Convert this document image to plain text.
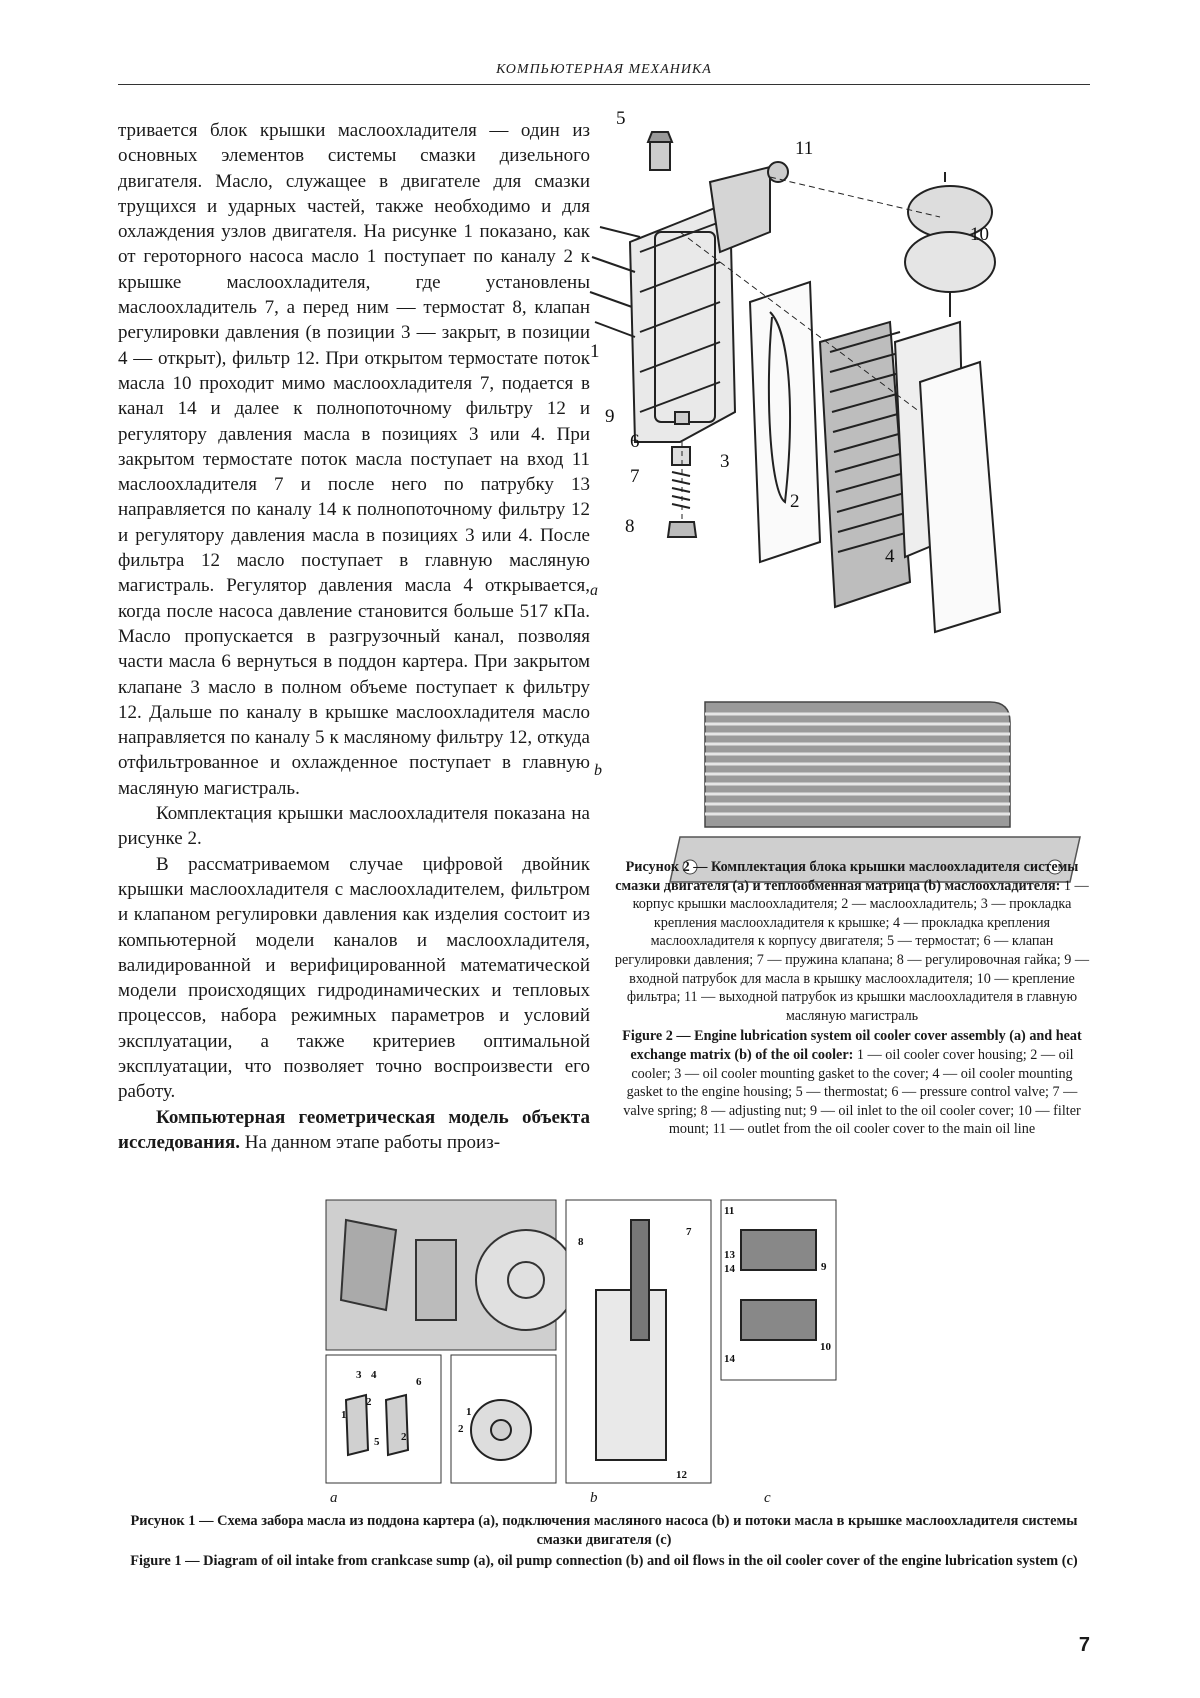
КОМПЬЮТЕРНАЯ МЕХАНИКА

тривается блок крышки маслоохладителя — один из основных элементов системы смазки дизельного двигателя. Масло, служащее в двигателе для смазки трущихся и ударных частей, также необходимо и для охлаждения узлов двигателя. На рисунке 1 показано, как от героторного насоса масло 1 поступает по каналу 2 к крышке маслоохладителя, где установлены маслоохладитель 7, а перед ним — термостат 8, клапан регулировки давления (в позиции 3 — закрыт, в позиции 4 — открыт), фильтр 12. При открытом термостате поток масла 10 проходит мимо маслоохладителя 7, подается в канал 14 и далее к полнопоточному фильтру 12 и регулятору давления масла в позициях 3 или 4. При закрытом термостате поток масла поступает на вход 11 маслоохладителя 7 и после него по патрубку 13 направляется по каналу 14 к полнопоточному фильтру 12 и регулятору давления масла в позициях 3 или 4. После фильтра 12 масло поступает в главную масляную магистраль. Регулятор давления масла 4 открывается, когда после насоса давление становится больше 517 кПа. Масло пропускается в разгрузочный канал, позволяя части масла 6 вернуться в поддон картера. При закрытом клапане 3 масло в полном объеме поступает к фильтру 12. Дальше по каналу в крышке маслоохладителя масло направляется по каналу 5 к масляному фильтру 12, откуда отфильтрованное и охлажденное поступает в главную масляную магистраль.

Комплектация крышки маслоохладителя показана на рисунке 2.

В рассматриваемом случае цифровой двойник крышки маслоохладителя с маслоохладителем, фильтром и клапаном регулировки давления как изделия состоит из компьютерной модели каналов и маслоохладителя, валидированной и верифицированной математической модели происходящих гидродинамических и тепловых процессов, набора режимных параметров и условий эксплуатации, а также критериев оптимальной эксплуатации, что позволяет точно воспроизвести его работу.

Компьютерная геометрическая модель объекта исследования. На данном этапе работы произ-

5
11
10
1
9
6
7
8
3
2
4
a
b
Рисунок 2 — Комплектация блока крышки маслоохладителя системы смазки двигателя (a) и теплообменная матрица (b) маслоохладителя: 1 — корпус крышки маслоохладителя; 2 — маслоохладитель; 3 — прокладка крепления маслоохладителя к крышке; 4 — прокладка крепления маслоохладителя к корпусу двигателя; 5 — термостат; 6 — клапан регулировки давления; 7 — пружина клапана; 8 — регулировочная гайка; 9 — входной патрубок для масла в крышку маслоохладителя; 10 — крепление фильтра; 11 — выходной патрубок из крышки маслоохладителя в главную масляную магистраль
Figure 2 — Engine lubrication system oil cooler cover assembly (a) and heat exchange matrix (b) of the oil cooler: 1 — oil cooler cover housing; 2 — oil cooler; 3 — oil cooler mounting gasket to the cover; 4 — oil cooler mounting gasket to the engine housing; 5 — thermostat; 6 — pressure control valve; 7 — valve spring; 8 — adjusting nut; 9 — oil inlet to the oil cooler cover; 10 — filter mount; 11 — outlet from the oil cooler cover to the main oil line
3 4
6
2
1
5 2
2
1
8
7
12
11
13
14	9
14
10
a	b	c
Рисунок 1 — Схема забора масла из поддона картера (a), подключения масляного насоса (b) и потоки масла в крышке маслоохладителя системы смазки двигателя (c)
Figure 1 — Diagram of oil intake from crankcase sump (a), oil pump connection (b) and oil flows in the oil cooler cover of the engine lubrication system (c)
7
